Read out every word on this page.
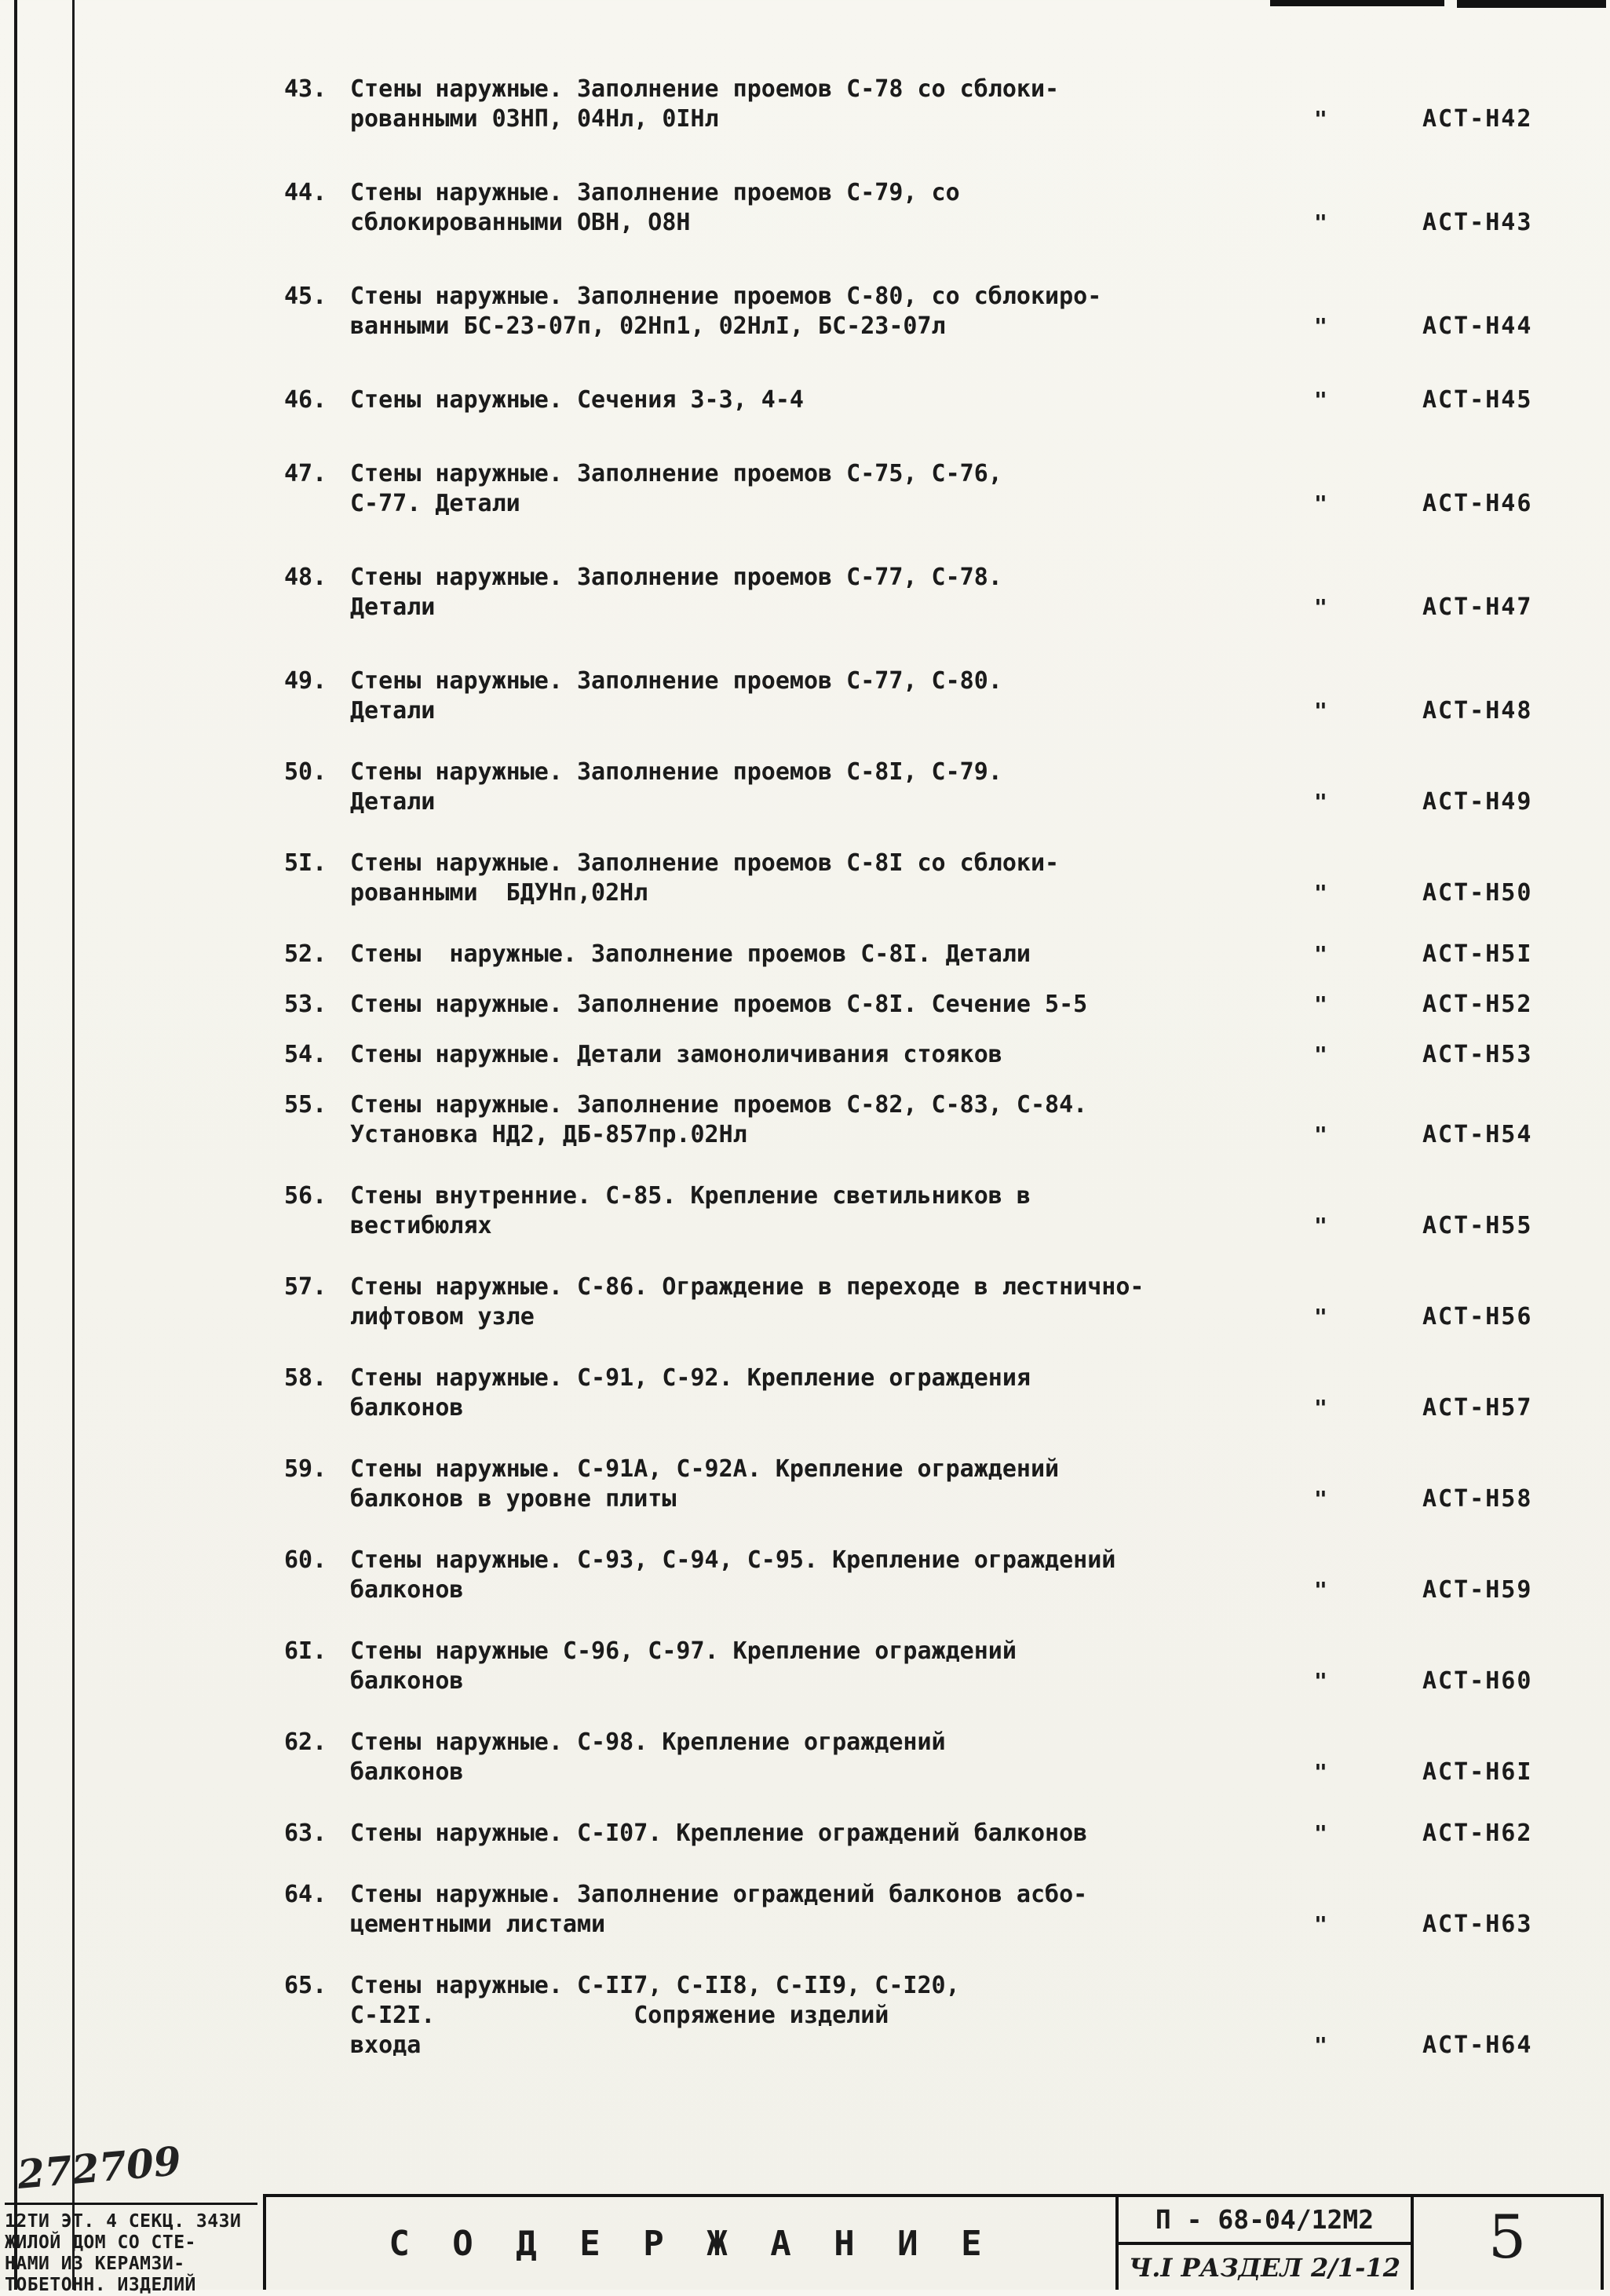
43. Стены наружные. Заполнение проемов С-78 со сблоки-
рованными 03НП, 04Нл, 0IНл	"	АСТ-Н42
44. Стены наружные. Заполнение проемов С-79, со
сблокированными ОВН, О8Н	"	АСТ-Н43
45. Стены наружные. Заполнение проемов С-80, со сблокиро-
ванными БС-23-07п, 02Нп1, 02НлI, БС-23-07л	"	АСТ-Н44
46. Стены наружные. Сечения 3-3, 4-4	"	АСТ-Н45
47. Стены наружные. Заполнение проемов С-75, С-76,
С-77. Детали	"	АСТ-Н46
48. Стены наружные. Заполнение проемов С-77, С-78.
Детали	"	АСТ-Н47
49. Стены наружные. Заполнение проемов С-77, С-80.
Детали	"	АСТ-Н48
50. Стены наружные. Заполнение проемов С-8I, С-79.
Детали	"	АСТ-Н49
5I. Стены наружные. Заполнение проемов С-8I со сблоки-
рованными  БДУНп,02Нл	"	АСТ-Н50
52. Стены  наружные. Заполнение проемов С-8I. Детали	"	АСТ-Н5I
53. Стены наружные. Заполнение проемов С-8I. Сечение 5-5	"	АСТ-Н52
54. Стены наружные. Детали замоноличивания стояков	"	АСТ-Н53
55. Стены наружные. Заполнение проемов С-82, С-83, С-84.
Установка НД2, ДБ-857пр.02Нл	"	АСТ-Н54
56. Стены внутренние. С-85. Крепление светильников в
вестибюлях	"	АСТ-Н55
57. Стены наружные. С-86. Ограждение в переходе в лестнично-
лифтовом узле	"	АСТ-Н56
58. Стены наружные. С-91, С-92. Крепление ограждения
балконов	"	АСТ-Н57
59. Стены наружные. С-91А, С-92А. Крепление ограждений
балконов в уровне плиты	"	АСТ-Н58
60. Стены наружные. С-93, С-94, С-95. Крепление ограждений
балконов	"	АСТ-Н59
6I. Стены наружные С-96, С-97. Крепление ограждений
балконов	"	АСТ-Н60
62. Стены наружные. С-98. Крепление ограждений
балконов	"	АСТ-Н6I
63. Стены наружные. С-I07. Крепление ограждений балконов	"	АСТ-Н62
64. Стены наружные. Заполнение ограждений балконов асбо-
цементными листами	"	АСТ-Н63
65. Стены наружные. С-II7, С-II8, С-II9, С-I20,
С-I2I.              Сопряжение изделий
входа	"	АСТ-Н64
272709
12ТИ ЭТ. 4 СЕКЦ. 343И
ЖИЛОЙ ДОМ СО СТЕ-
НАМИ ИЗ КЕРАМЗИ-
ТОБЕТОНН. ИЗДЕЛИЙ
С О Д Е Р Ж А Н И Е
П - 68-04/12М2
Ч.I РАЗДЕЛ 2/1-12	5
